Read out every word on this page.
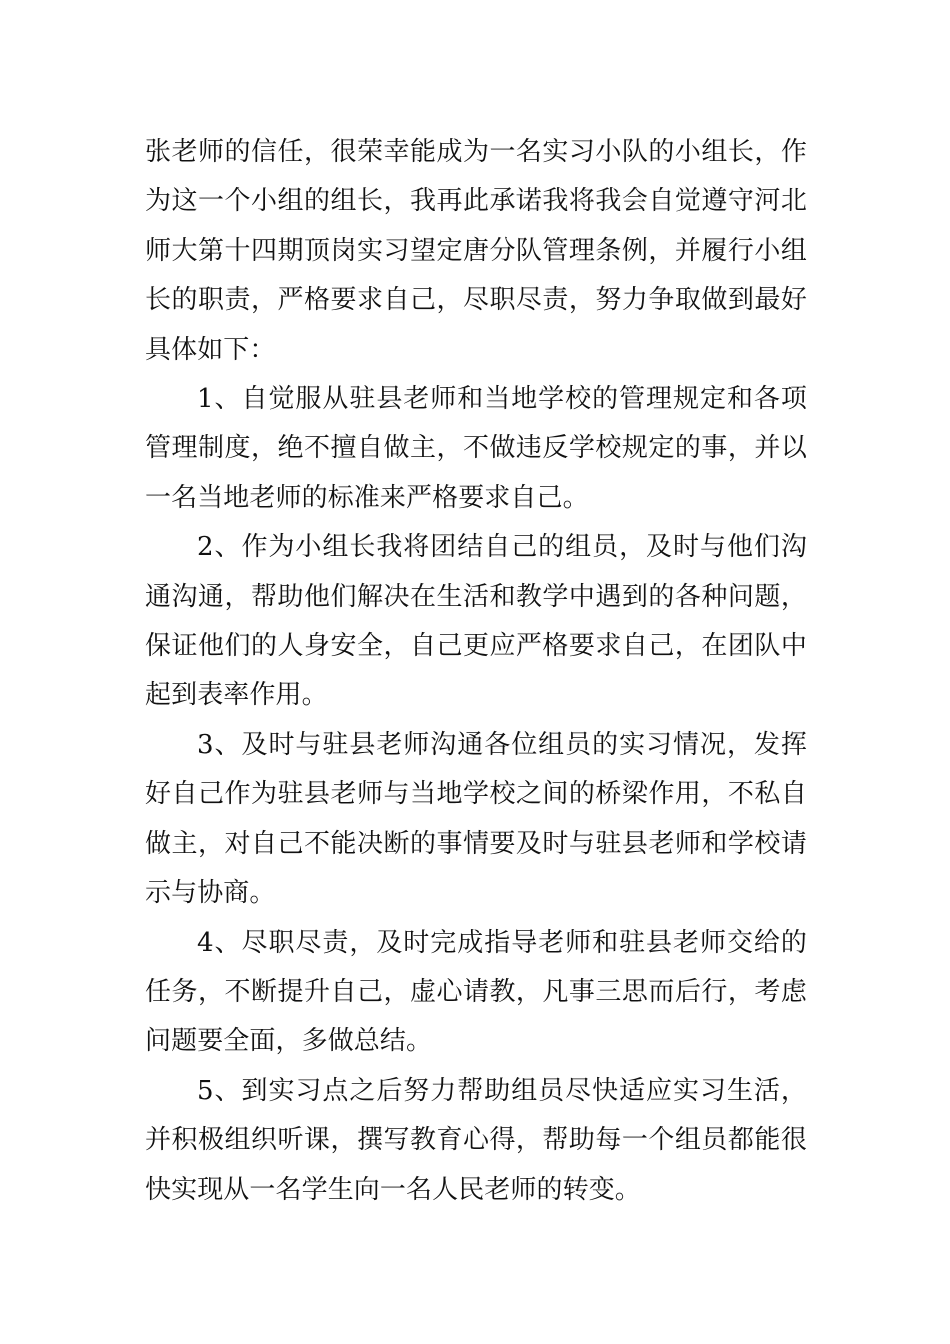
张老师的信任，很荣幸能成为一名实习小队的小组长，作为这一个小组的组长，我再此承诺我将我会自觉遵守河北师大第十四期顶岗实习望定唐分队管理条例，并履行小组长的职责，严格要求自己，尽职尽责，努力争取做到最好具体如下：

1、自觉服从驻县老师和当地学校的管理规定和各项管理制度，绝不擅自做主，不做违反学校规定的事，并以一名当地老师的标准来严格要求自己。

2、作为小组长我将团结自己的组员，及时与他们沟通沟通，帮助他们解决在生活和教学中遇到的各种问题，保证他们的人身安全，自己更应严格要求自己，在团队中起到表率作用。

3、及时与驻县老师沟通各位组员的实习情况，发挥好自己作为驻县老师与当地学校之间的桥梁作用，不私自做主，对自己不能决断的事情要及时与驻县老师和学校请示与协商。

4、尽职尽责，及时完成指导老师和驻县老师交给的任务，不断提升自己，虚心请教，凡事三思而后行，考虑问题要全面，多做总结。

5、到实习点之后努力帮助组员尽快适应实习生活，并积极组织听课，撰写教育心得，帮助每一个组员都能很快实现从一名学生向一名人民老师的转变。
